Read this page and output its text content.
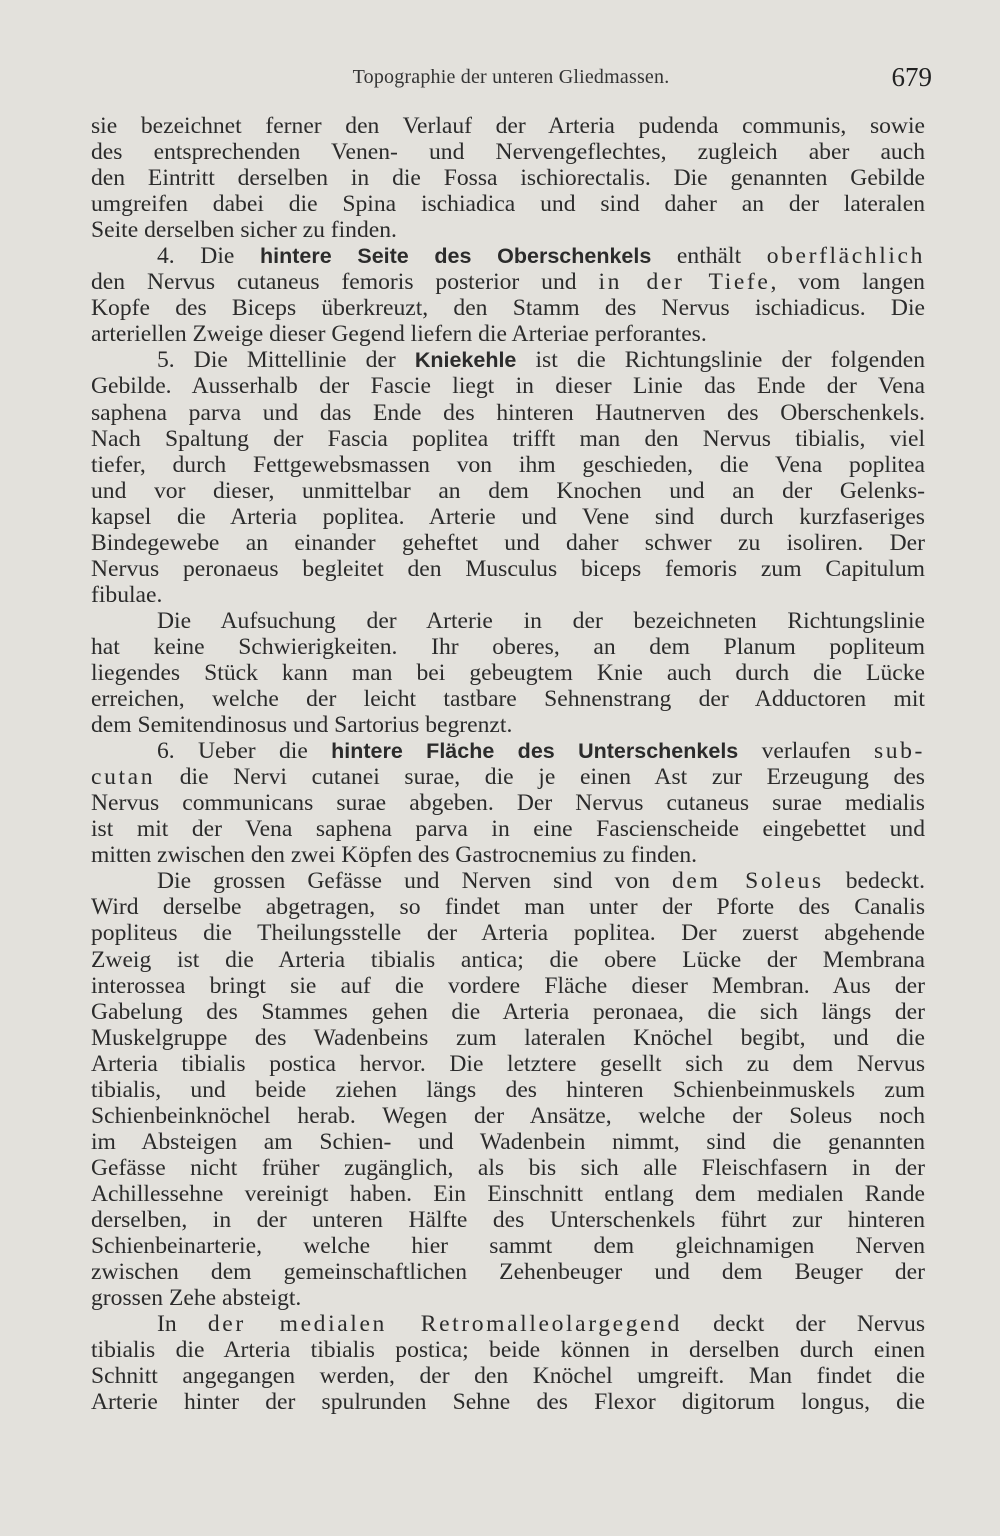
Topographie der unteren Gliedmassen.	679
sie bezeichnet ferner den Verlauf der Arteria pudenda communis, sowie
des entsprechenden Venen- und Nervengeflechtes, zugleich aber auch
den Eintritt derselben in die Fossa ischiorectalis. Die genannten Gebilde
umgreifen dabei die Spina ischiadica und sind daher an der lateralen
Seite derselben sicher zu finden.
4. Die hintere Seite des Oberschenkels enthält oberflächlich
den Nervus cutaneus femoris posterior und in der Tiefe, vom langen
Kopfe des Biceps überkreuzt, den Stamm des Nervus ischiadicus. Die
arteriellen Zweige dieser Gegend liefern die Arteriae perforantes.
5. Die Mittellinie der Kniekehle ist die Richtungslinie der folgenden
Gebilde. Ausserhalb der Fascie liegt in dieser Linie das Ende der Vena
saphena parva und das Ende des hinteren Hautnerven des Oberschenkels.
Nach Spaltung der Fascia poplitea trifft man den Nervus tibialis, viel
tiefer, durch Fettgewebsmassen von ihm geschieden, die Vena poplitea
und vor dieser, unmittelbar an dem Knochen und an der Gelenks-
kapsel die Arteria poplitea. Arterie und Vene sind durch kurzfaseriges
Bindegewebe an einander geheftet und daher schwer zu isoliren. Der
Nervus peronaeus begleitet den Musculus biceps femoris zum Capitulum
fibulae.
Die Aufsuchung der Arterie in der bezeichneten Richtungslinie
hat keine Schwierigkeiten. Ihr oberes, an dem Planum popliteum
liegendes Stück kann man bei gebeugtem Knie auch durch die Lücke
erreichen, welche der leicht tastbare Sehnenstrang der Adductoren mit
dem Semitendinosus und Sartorius begrenzt.
6. Ueber die hintere Fläche des Unterschenkels verlaufen sub-
cutan die Nervi cutanei surae, die je einen Ast zur Erzeugung des
Nervus communicans surae abgeben. Der Nervus cutaneus surae medialis
ist mit der Vena saphena parva in eine Fascienscheide eingebettet und
mitten zwischen den zwei Köpfen des Gastrocnemius zu finden.
Die grossen Gefässe und Nerven sind von dem Soleus bedeckt.
Wird derselbe abgetragen, so findet man unter der Pforte des Canalis
popliteus die Theilungsstelle der Arteria poplitea. Der zuerst abgehende
Zweig ist die Arteria tibialis antica; die obere Lücke der Membrana
interossea bringt sie auf die vordere Fläche dieser Membran. Aus der
Gabelung des Stammes gehen die Arteria peronaea, die sich längs der
Muskelgruppe des Wadenbeins zum lateralen Knöchel begibt, und die
Arteria tibialis postica hervor. Die letztere gesellt sich zu dem Nervus
tibialis, und beide ziehen längs des hinteren Schienbeinmuskels zum
Schienbeinknöchel herab. Wegen der Ansätze, welche der Soleus noch
im Absteigen am Schien- und Wadenbein nimmt, sind die genannten
Gefässe nicht früher zugänglich, als bis sich alle Fleischfasern in der
Achillessehne vereinigt haben. Ein Einschnitt entlang dem medialen Rande
derselben, in der unteren Hälfte des Unterschenkels führt zur hinteren
Schienbeinarterie, welche hier sammt dem gleichnamigen Nerven
zwischen dem gemeinschaftlichen Zehenbeuger und dem Beuger der
grossen Zehe absteigt.
In der medialen Retromalleolargegend deckt der Nervus
tibialis die Arteria tibialis postica; beide können in derselben durch einen
Schnitt angegangen werden, der den Knöchel umgreift. Man findet die
Arterie hinter der spulrunden Sehne des Flexor digitorum longus, die
